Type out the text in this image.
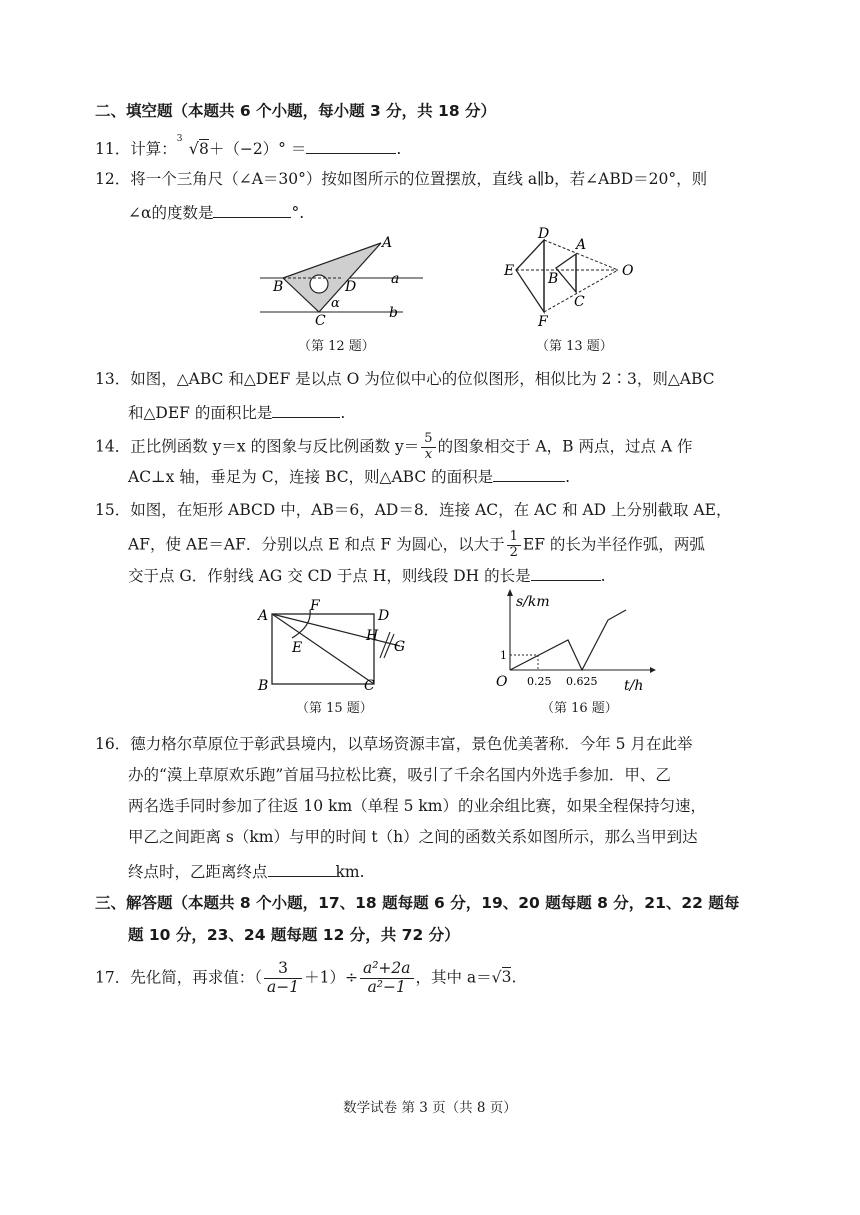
二、填空题（本题共 6 个小题，每小题 3 分，共 18 分）
11．计算：
3 √8＋（−2）° ＝	.
12．将一个三角尺（∠A＝30°）按如图所示的位置摆放，直线 a∥b，若∠ABD＝20°，则
∠α的度数是	°.
A
B	D a
b
C
α
（第 12 题）
D
E
F
A
B
C
O
（第 13 题）
13．如图，△ABC 和△DEF 是以点 O 为位似中心的位似图形，相似比为 2∶3，则△ABC
和△DEF 的面积比是	.
14．正比例函数 y＝x 的图象与反比例函数 $y= \frac{5}{x}$ 的图象相交于 A，B 两点，过点 A 作
AC⊥x 轴，垂足为 C，连接 BC，则△ABC 的面积是	.
15．如图，在矩形 ABCD 中，AB＝6，AD＝8．连接 AC，在 AC 和 AD 上分别截取 AE，
AF，使 AE＝AF．分别以点 E 和点 F 为圆心，以大于 $\frac{1}{2}$ EF 的长为半径作弧，两弧
交于点 G．作射线 AG 交 CD 于点 H，则线段 DH 的长是	.
A
F
D
E
H
G
B	C
（第 15 题）
s/km
t/h
O
1
0.25 0.625
（第 16 题）
16．德力格尔草原位于彰武县境内，以草场资源丰富，景色优美著称．今年 5 月在此举
办的“漠上草原欢乐跑”首届马拉松比赛，吸引了千余名国内外选手参加．甲、乙
两名选手同时参加了往返 10 km（单程 5 km）的业余组比赛，如果全程保持匀速，
甲乙之间距离 s（km）与甲的时间 t（h）之间的函数关系如图所示，那么当甲到达
终点时，乙距离终点	km.
三、解答题（本题共 8 个小题，17、18 题每题 6 分，19、20 题每题 8 分，21、22 题每
题 10 分，23、24 题每题 12 分，共 72 分）
17．先化简，再求值：（ $\frac{3}{a-1} +1)\div \frac{\text{a²+2a}}{\text{a²−1}}$ ，其中 a＝√3.
数学试卷 第 3 页（共 8 页）
